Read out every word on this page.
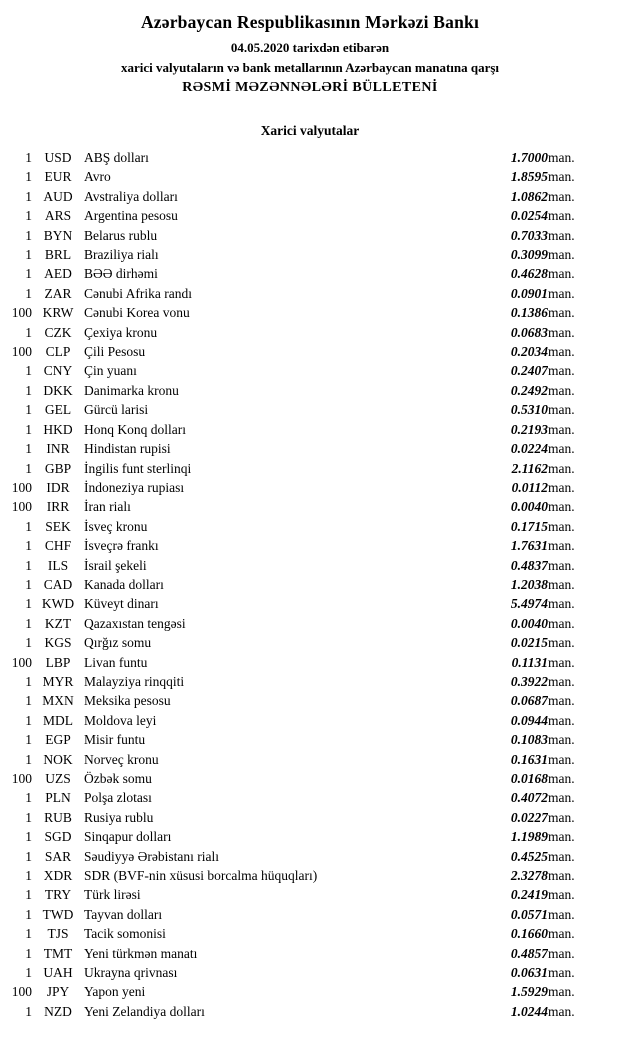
Azərbaycan Respublikasının Mərkəzi Bankı
04.05.2020 tarixdən etibarən
xarici valyutaların və bank metallarının Azərbaycan manatına qarşı
RƏSMİ MƏZƏNNƏLƏRİ BÜLLETENİ
Xarici valyutalar
1	USD	ABŞ dolları	1.7000	man.	
1	EUR	Avro	1.8595	man.	
1	AUD	Avstraliya dolları	1.0862	man.	
1	ARS	Argentina pesosu	0.0254	man.	
1	BYN	Belarus rublu	0.7033	man.	
1	BRL	Braziliya rialı	0.3099	man.	
1	AED	BƏƏ dirhəmi	0.4628	man.	
1	ZAR	Cənubi Afrika randı	0.0901	man.	
100	KRW	Cənubi Korea vonu	0.1386	man.	
1	CZK	Çexiya kronu	0.0683	man.	
100	CLP	Çili Pesosu	0.2034	man.	
1	CNY	Çin yuanı	0.2407	man.	
1	DKK	Danimarka kronu	0.2492	man.	
1	GEL	Gürcü larisi	0.5310	man.	
1	HKD	Honq Konq dolları	0.2193	man.	
1	INR	Hindistan rupisi	0.0224	man.	
1	GBP	İngilis funt sterlinqi	2.1162	man.	
100	IDR	İndoneziya rupiası	0.0112	man.	
100	IRR	İran rialı	0.0040	man.	
1	SEK	İsveç kronu	0.1715	man.	
1	CHF	İsveçrə frankı	1.7631	man.	
1	ILS	İsrail şekeli	0.4837	man.	
1	CAD	Kanada dolları	1.2038	man.	
1	KWD	Küveyt dinarı	5.4974	man.	
1	KZT	Qazaxıstan tengəsi	0.0040	man.	
1	KGS	Qırğız somu	0.0215	man.	
100	LBP	Livan funtu	0.1131	man.	
1	MYR	Malayziya rinqqiti	0.3922	man.	
1	MXN	Meksika pesosu	0.0687	man.	
1	MDL	Moldova leyi	0.0944	man.	
1	EGP	Misir funtu	0.1083	man.	
1	NOK	Norveç kronu	0.1631	man.	
100	UZS	Özbək somu	0.0168	man.	
1	PLN	Polşa zlotası	0.4072	man.	
1	RUB	Rusiya rublu	0.0227	man.	
1	SGD	Sinqapur dolları	1.1989	man.	
1	SAR	Səudiyyə Ərəbistanı rialı	0.4525	man.	
1	XDR	SDR (BVF-nin xüsusi borcalma hüquqları)	2.3278	man.	
1	TRY	Türk lirəsi	0.2419	man.	
1	TWD	Tayvan dolları	0.0571	man.	
1	TJS	Tacik somonisi	0.1660	man.	
1	TMT	Yeni türkmən manatı	0.4857	man.	
1	UAH	Ukrayna qrivnası	0.0631	man.	
100	JPY	Yapon yeni	1.5929	man.	
1	NZD	Yeni Zelandiya dolları	1.0244	man.	
